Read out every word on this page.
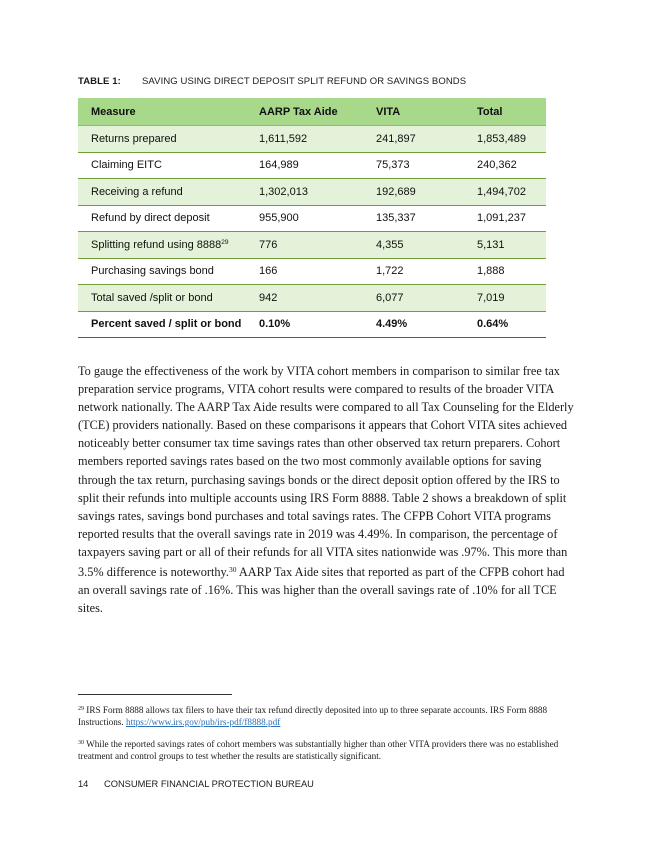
TABLE 1: SAVING USING DIRECT DEPOSIT SPLIT REFUND OR SAVINGS BONDS
Measure	AARP Tax Aide	VITA	Total
Returns prepared	1,611,592	241,897	1,853,489
Claiming EITC	164,989	75,373	240,362
Receiving a refund	1,302,013	192,689	1,494,702
Refund by direct deposit	955,900	135,337	1,091,237
Splitting refund using 8888$^{29}$	776	4,355	5,131
Purchasing savings bond	166	1,722	1,888
Total saved /split or bond	942	6,077	7,019
Percent saved / split or bond	0.10%	4.49%	0.64%

To gauge the effectiveness of the work by VITA cohort members in comparison to similar free tax preparation service programs, VITA cohort results were compared to results of the broader VITA network nationally. The AARP Tax Aide results were compared to all Tax Counseling for the Elderly (TCE) providers nationally. Based on these comparisons it appears that Cohort VITA sites achieved noticeably better consumer tax time savings rates than other observed tax return preparers. Cohort members reported savings rates based on the two most commonly available options for saving through the tax return, purchasing savings bonds or the direct deposit option offered by the IRS to split their refunds into multiple accounts using IRS Form 8888. Table 2 shows a breakdown of split savings rates, savings bond purchases and total savings rates. The CFPB Cohort VITA programs reported results that the overall savings rate in 2019 was 4.49%. In comparison, the percentage of taxpayers saving part or all of their refunds for all VITA sites nationwide was .97%. This more than 3.5% difference is noteworthy.$^{30}$ AARP Tax Aide sites that reported as part of the CFPB cohort had an overall savings rate of .16%. This was higher than the overall savings rate of .10% for all TCE sites.

$^{29}$ IRS Form 8888 allows tax filers to have their tax refund directly deposited into up to three separate accounts. IRS Form 8888 Instructions. https://www.irs.gov/pub/irs-pdf/f8888.pdf

$^{30}$ While the reported savings rates of cohort members was substantially higher than other VITA providers there was no established treatment and control groups to test whether the results are statistically significant.

14 CONSUMER FINANCIAL PROTECTION BUREAU
